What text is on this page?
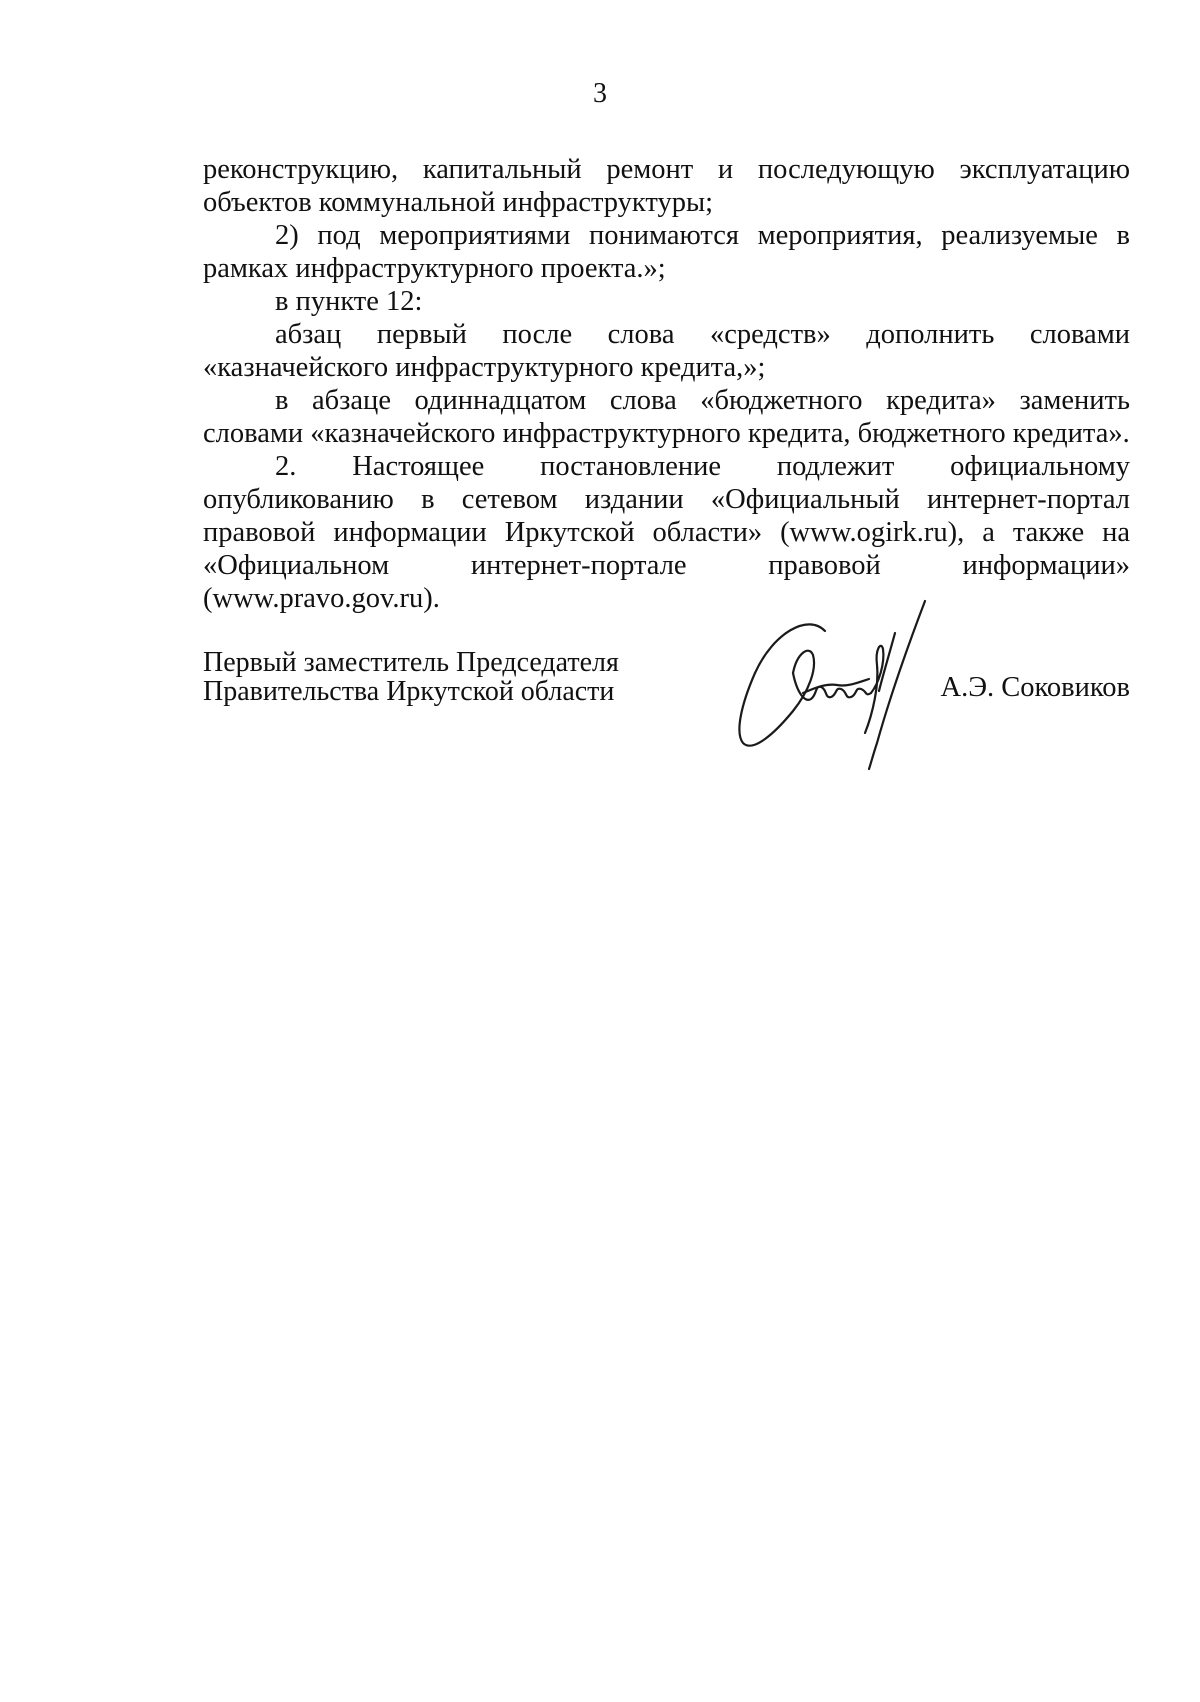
3

реконструкцию, капитальный ремонт и последующую эксплуатацию объектов коммунальной инфраструктуры;

2) под мероприятиями понимаются мероприятия, реализуемые в рамках инфраструктурного проекта.»;

в пункте 12:

абзац первый после слова «средств» дополнить словами «казначейского инфраструктурного кредита,»;

в абзаце одиннадцатом слова «бюджетного кредита» заменить словами «казначейского инфраструктурного кредита, бюджетного кредита».

2. Настоящее постановление подлежит официальному опубликованию в сетевом издании «Официальный интернет-портал правовой информации Иркутской области» (www.ogirk.ru), а также на «Официальном интернет-портале правовой информации» (www.pravo.gov.ru).

Первый заместитель Председателя
Правительства Иркутской области	А.Э. Соковиков
